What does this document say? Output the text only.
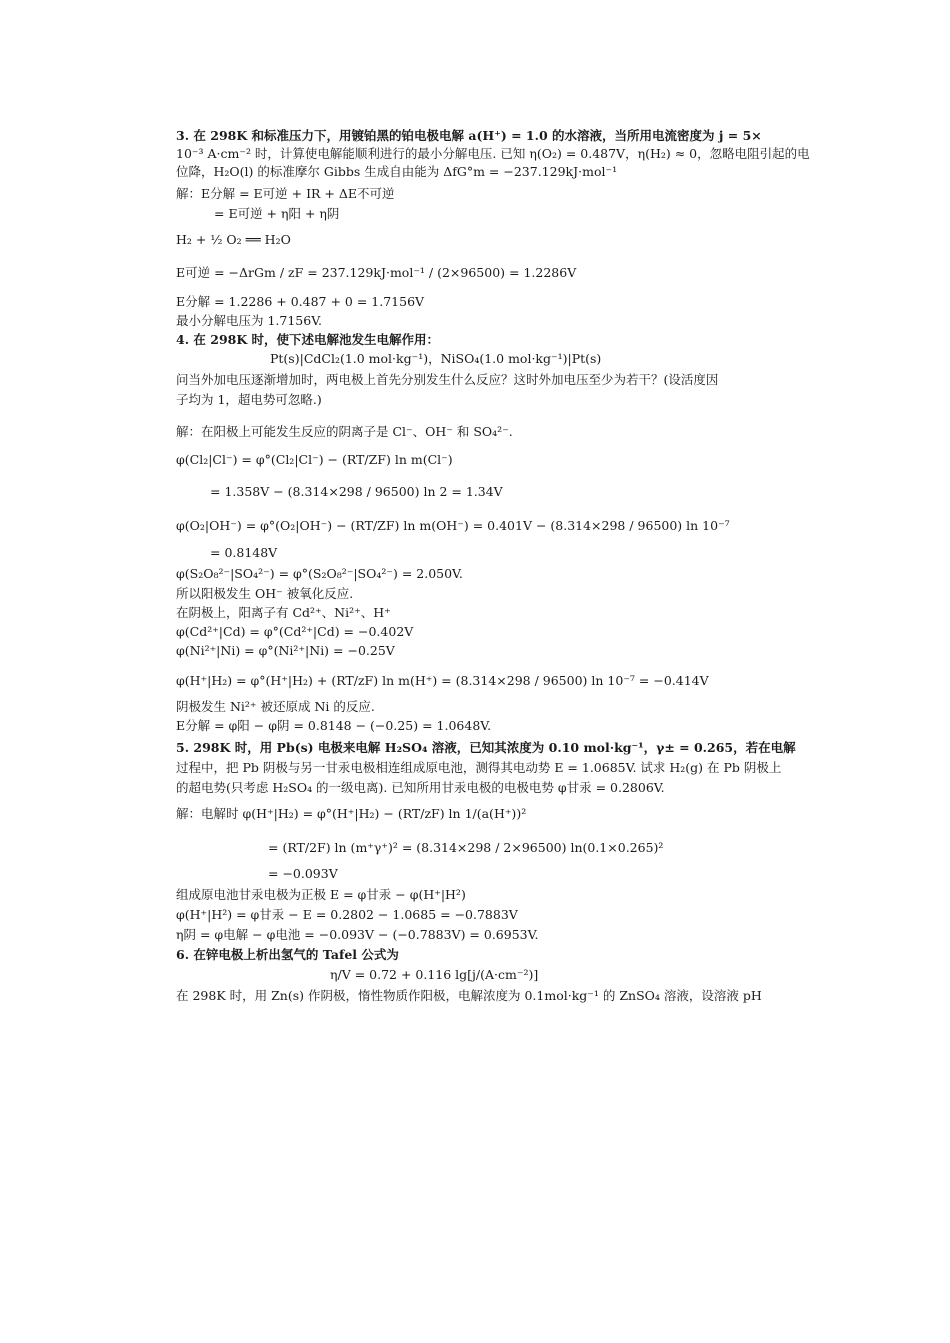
3. 在 298K 和标准压力下，用镀铂黑的铂电极电解 a(H⁺) = 1.0 的水溶液，当所用电流密度为 j = 5×
10⁻³ A·cm⁻² 时，计算使电解能顺利进行的最小分解电压. 已知 η(O₂) = 0.487V，η(H₂) ≈ 0，忽略电阻引起的电
位降，H₂O(l) 的标准摩尔 Gibbs 生成自由能为 ΔfG°m = −237.129kJ·mol⁻¹
解：E分解 = E可逆 + IR + ΔE不可逆
= E可逆 + η阳 + η阴
H₂ + ½ O₂ ══ H₂O
E可逆 = −ΔrGm / zF = 237.129kJ·mol⁻¹ / (2×96500) = 1.2286V
E分解 = 1.2286 + 0.487 + 0 = 1.7156V
最小分解电压为 1.7156V.
4. 在 298K 时，使下述电解池发生电解作用：
Pt(s)|CdCl₂(1.0 mol·kg⁻¹)，NiSO₄(1.0 mol·kg⁻¹)|Pt(s)
问当外加电压逐渐增加时，两电极上首先分别发生什么反应？这时外加电压至少为若干？(设活度因
子均为 1，超电势可忽略.)
解：在阳极上可能发生反应的阴离子是 Cl⁻、OH⁻ 和 SO₄²⁻.
φ(Cl₂|Cl⁻) = φ°(Cl₂|Cl⁻) − (RT/ZF) ln m(Cl⁻)
= 1.358V − (8.314×298 / 96500) ln 2 = 1.34V
φ(O₂|OH⁻) = φ°(O₂|OH⁻) − (RT/ZF) ln m(OH⁻) = 0.401V − (8.314×298 / 96500) ln 10⁻⁷
= 0.8148V
φ(S₂O₈²⁻|SO₄²⁻) = φ°(S₂O₈²⁻|SO₄²⁻) = 2.050V.
所以阳极发生 OH⁻ 被氧化反应.
在阴极上，阳离子有 Cd²⁺、Ni²⁺、H⁺
φ(Cd²⁺|Cd) = φ°(Cd²⁺|Cd) = −0.402V
φ(Ni²⁺|Ni) = φ°(Ni²⁺|Ni) = −0.25V
φ(H⁺|H₂) = φ°(H⁺|H₂) + (RT/zF) ln m(H⁺) = (8.314×298 / 96500) ln 10⁻⁷ = −0.414V
阴极发生 Ni²⁺ 被还原成 Ni 的反应.
E分解 = φ阳 − φ阴 = 0.8148 − (−0.25) = 1.0648V.
5. 298K 时，用 Pb(s) 电极来电解 H₂SO₄ 溶液，已知其浓度为 0.10 mol·kg⁻¹，γ± = 0.265，若在电解
过程中，把 Pb 阴极与另一甘汞电极相连组成原电池，测得其电动势 E = 1.0685V. 试求 H₂(g) 在 Pb 阴极上
的超电势(只考虑 H₂SO₄ 的一级电离). 已知所用甘汞电极的电极电势 φ甘汞 = 0.2806V.
解：电解时 φ(H⁺|H₂) = φ°(H⁺|H₂) − (RT/zF) ln 1/(a(H⁺))²
= (RT/2F) ln (m⁺γ⁺)² = (8.314×298 / 2×96500) ln(0.1×0.265)²
= −0.093V
组成原电池甘汞电极为正极 E = φ甘汞 − φ(H⁺|H²)
φ(H⁺|H²) = φ甘汞 − E = 0.2802 − 1.0685 = −0.7883V
η阴 = φ电解 − φ电池 = −0.093V − (−0.7883V) = 0.6953V.
6. 在锌电极上析出氢气的 Tafel 公式为
η/V = 0.72 + 0.116 lg[j/(A·cm⁻²)]
在 298K 时，用 Zn(s) 作阴极，惰性物质作阳极，电解浓度为 0.1mol·kg⁻¹ 的 ZnSO₄ 溶液，设溶液 pH
